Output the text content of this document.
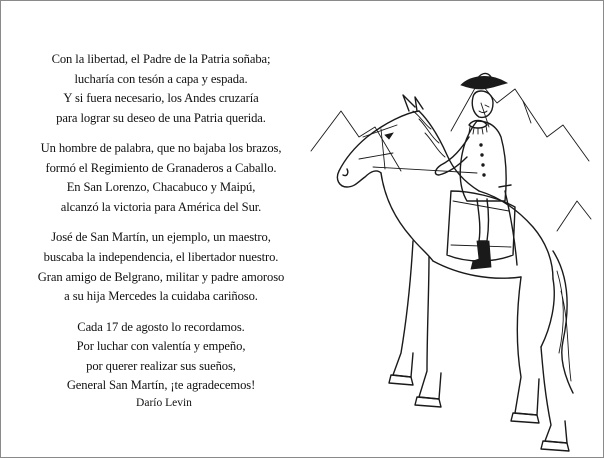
Con la libertad, el Padre de la Patria soñaba;
lucharía con tesón a capa y espada.
Y si fuera necesario, los Andes cruzaría
para lograr su deseo de una Patria querida.
Un hombre de palabra, que no bajaba los brazos,
formó el Regimiento de Granaderos a Caballo.
En San Lorenzo, Chacabuco y Maipú,
alcanzó la victoria para América del Sur.
José de San Martín, un ejemplo, un maestro,
buscaba la independencia, el libertador nuestro.
Gran amigo de Belgrano, militar y padre amoroso
a su hija Mercedes la cuidaba cariñoso.
Cada 17 de agosto lo recordamos.
Por luchar con valentía y empeño,
por querer realizar sus sueños,
General San Martín, ¡te agradecemos!
Darío Levin
